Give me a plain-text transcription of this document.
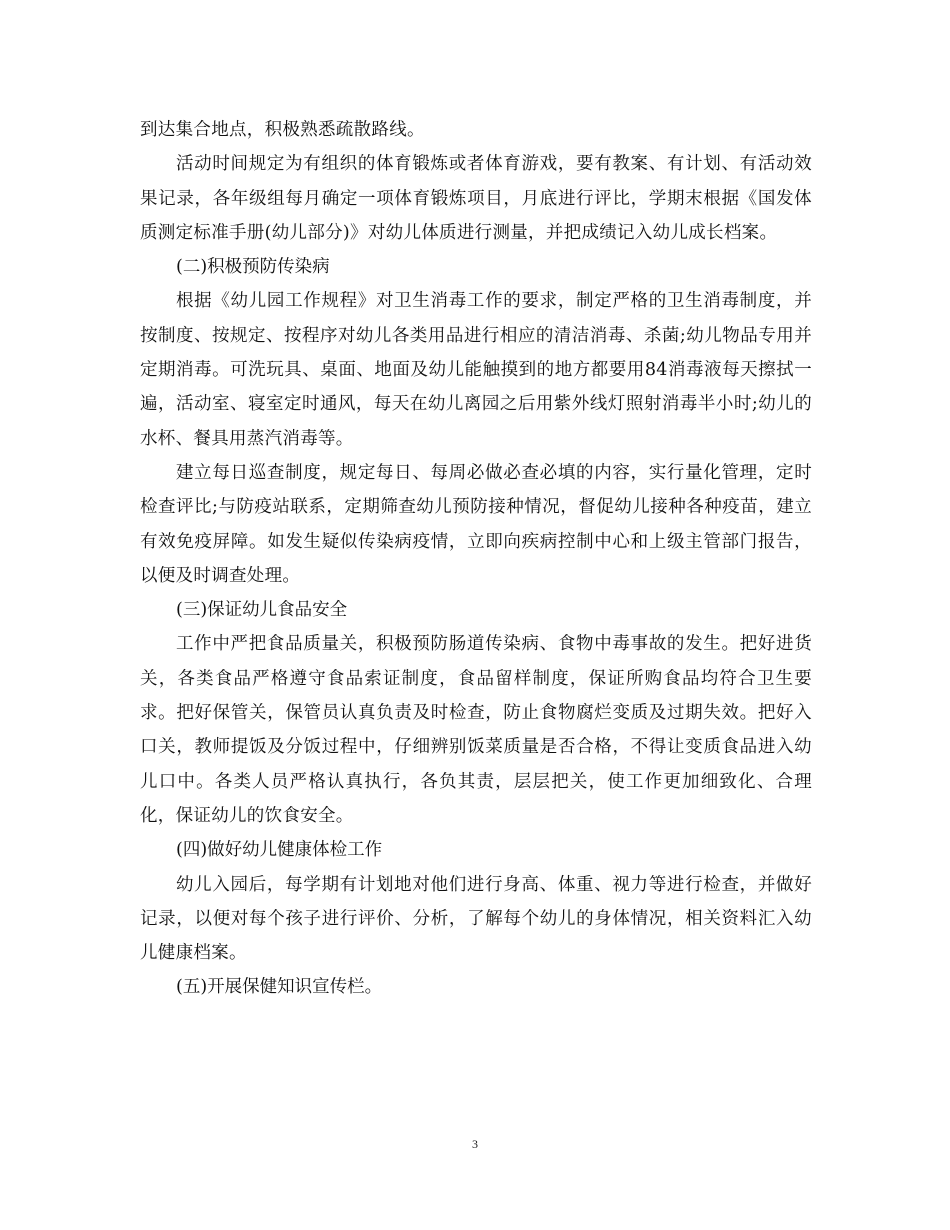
到达集合地点，积极熟悉疏散路线。

活动时间规定为有组织的体育锻炼或者体育游戏，要有教案、有计划、有活动效果记录，各年级组每月确定一项体育锻炼项目，月底进行评比，学期末根据《国发体质测定标准手册(幼儿部分)》对幼儿体质进行测量，并把成绩记入幼儿成长档案。

(二)积极预防传染病

根据《幼儿园工作规程》对卫生消毒工作的要求，制定严格的卫生消毒制度，并按制度、按规定、按程序对幼儿各类用品进行相应的清洁消毒、杀菌;幼儿物品专用并定期消毒。可洗玩具、桌面、地面及幼儿能触摸到的地方都要用84消毒液每天擦拭一遍，活动室、寝室定时通风，每天在幼儿离园之后用紫外线灯照射消毒半小时;幼儿的水杯、餐具用蒸汽消毒等。

建立每日巡查制度，规定每日、每周必做必查必填的内容，实行量化管理，定时检查评比;与防疫站联系，定期筛查幼儿预防接种情况，督促幼儿接种各种疫苗，建立有效免疫屏障。如发生疑似传染病疫情，立即向疾病控制中心和上级主管部门报告，以便及时调查处理。

(三)保证幼儿食品安全

工作中严把食品质量关，积极预防肠道传染病、食物中毒事故的发生。把好进货关，各类食品严格遵守食品索证制度，食品留样制度，保证所购食品均符合卫生要求。把好保管关，保管员认真负责及时检查，防止食物腐烂变质及过期失效。把好入口关，教师提饭及分饭过程中，仔细辨别饭菜质量是否合格，不得让变质食品进入幼儿口中。各类人员严格认真执行，各负其责，层层把关，使工作更加细致化、合理化，保证幼儿的饮食安全。

(四)做好幼儿健康体检工作

幼儿入园后，每学期有计划地对他们进行身高、体重、视力等进行检查，并做好记录，以便对每个孩子进行评价、分析，了解每个幼儿的身体情况，相关资料汇入幼儿健康档案。

(五)开展保健知识宣传栏。

3
